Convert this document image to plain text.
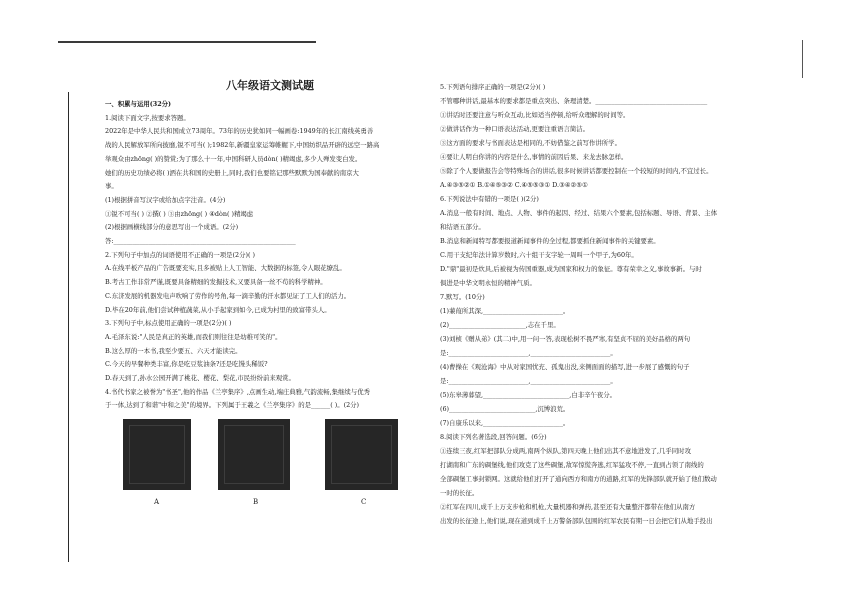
八年级语文测试题
一、积累与运用(32分)
1.阅读下面文字,按要求答题。
2022年是中华人民共和国成立73周年。73年的历史犹如同一幅画卷:1949年的长江南线英勇善
战的人民解放军所向披靡,锐不可当( );1982年,新疆皇家运筹帷幄下,中国纺织品开辟的远空一路高
举观众由zhōng( )的赞赏;为了那么十一年,中国科研人员dòn( )精竭虑,多少人殚发变白发。
她们的历史功绩必将( )洒在共和国的史册上,同时,我们也要铭记那些默默为国奉献的南京大
事。
(1)根据拼音写汉字或给加点字注音。(4分)
①锐不可当( ) ②撰( ) ③由zhōng( ) ④dòn( )精竭虑
(2)根据画横线部分的意思写出一个成语。(2分)
答:_________________________________________________________
2.下列句子中加点的词语使用不正确的一项是(2分)( )
A.在线平板产品的广告既要充实,且多被贴上人工智能、大数据的标签,令人眼花缭乱。
B.考古工作非常严谨,既要具备精细的发掘技术,又要具备一丝不苟的科学精神。
C.东济发展的机器发电声吹响了劳作的号角,每一滴辛勤的汗水都见证了工人们的活力。
D.毕在20年前,他们尝试种植蔬菜,从小手起家到如今,已成为村里的致富带头人。
3.下列句子中,标点使用正确的一项是(2分)( )
A.毛泽东说:"人民是真正的英雄,而我们则往往是幼稚可笑的"。
B.这么厚的一本书,我至少要五、六天才能读完。
C.今天的早餐种类丰富,你是吃豆浆油条?还是吃馒头稀饭?
D.春天到了,孙水公园开满了桃花、樱花、梨花,市民纷纷前来观赏。
4.书代书家之被誉为"书圣",他的作品《兰亭集序》,点画生动,端庄典雅,气韵流畅,集继续与优秀
于一体,达到了和谐"中和之美"的境界。下列属于王羲之《兰亭集序》的是______( )。(2分)
5.下列语句排序正确的一项是(2分)( )
不管哪种讲话,最基本的要求都是重点突出、条理清楚。___________________________________
①讲话时还要注意与听众互动,比如适当停顿,给听众理解的时间等。
②做讲话作为一种口语表达活动,更要注重语言简洁。
③这方面的要求与书面表达是相同的,不妨借鉴之前写作讲所学。
④要让人明白你讲的内容是什么,事情的前因后果、来龙去脉怎样。
⑤除了个人要做报告会等特殊场合的讲话,很多时候讲话都要控制在一个较短的时间内,不宜过长。
A.④③⑤②① B.①④⑤③② C.④⑤⑤③① D.③④②⑤①
6.下列说法中有错的一项是( )(2分)
A.消息一般有时间、地点、人物、事件的起因、经过、结果六个要素,包括标题、导语、背景、主体
和结语五部分。
B.消息和新闻特写都要报道新闻事件的全过程,都要抓住新闻事件的关键要素。
C.用干支纪年法计算岁数时,六十组干支字轮一周叫一个甲子,为60年。
D."鼎"最初是炊具,后被视为传国重器,成为国家和权力的象征。尊有荣幸之义,事故事新。与时
俱进是中华文明永恒的精神气质。
7.默写。(10分)
(1)蒹葭所其深,_________________________。
(2)________________________,志在千里。
(3)刘桢《赠从弟》(其二)中,用一问一答,表现松树不畏严寒,有坚贞不屈的美好品格的两句
是:_________________________,_________________________。
(4)曹操在《观沧海》中从对家国忧充、孤鬼出没,来侧面面的描写,进一步展了感慨的句子
是:_________________________,_________________________。
(5)东皋薄暮望,___________________________,白非辛午夜分。
(6)___________________________,沉博浪荒。
(7)自康乐以来,_________________________。
8.阅读下列名著选段,回答问题。(6分)
①连续三夜,红军把部队分成两,南两个纵队,第四天晚上他们出其不意地进发了,几乎同时攻
打湖南和广东的碉堡线,他们攻克了这些碉堡,敌军惊慌奔逃,红军猛攻不停,一直到占领了南线的
全部碉堡工事封锁网。这就给他们打开了通向西方和南方的道路,红军的先锋部队就开始了他们数动
一时的长征。
②红军在四川,成千上万支步枪和机枪,大量机器和弹药,甚至还有大量整汗都带在他们从南方
出发的长征途上,他们说,现在道到成千上万警备部队包围的红军农民有期一日会把它们从地手投出
A	B	C
